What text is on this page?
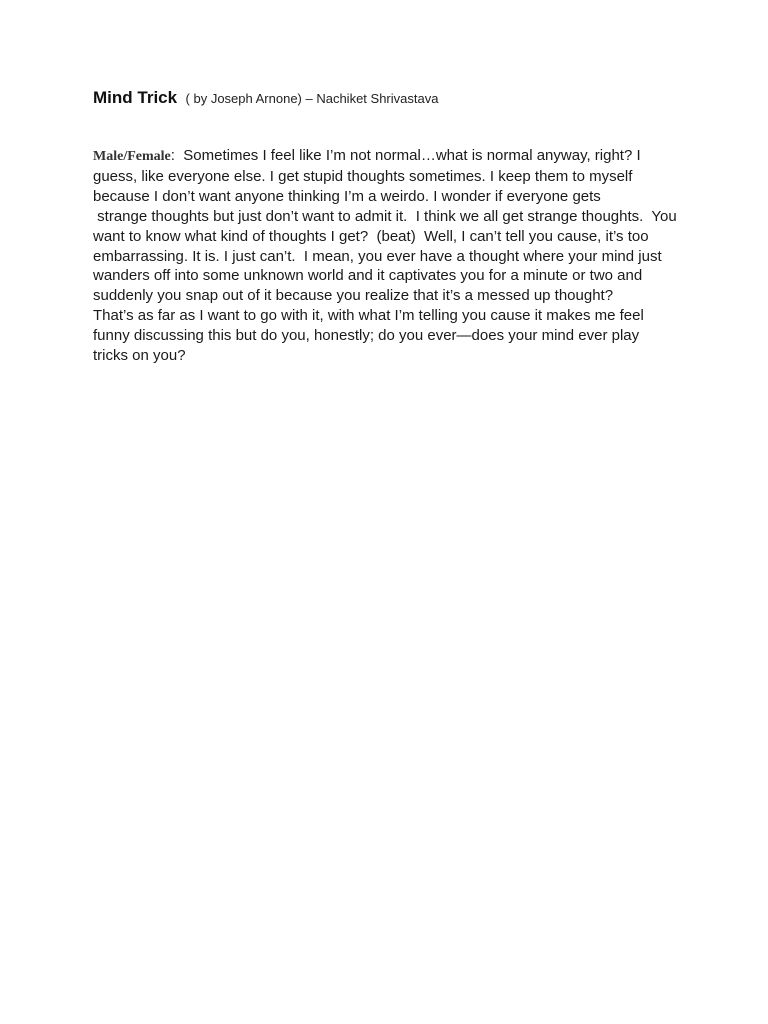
Mind Trick ( by Joseph Arnone) – Nachiket Shrivastava

Male/Female: Sometimes I feel like I’m not normal…what is normal anyway, right? I guess, like everyone else. I get stupid thoughts sometimes. I keep them to myself because I don’t want anyone thinking I’m a weirdo. I wonder if everyone gets

strange thoughts but just don’t want to admit it.  I think we all get strange thoughts.  You want to know what kind of thoughts I get?  (beat)  Well, I can’t tell you cause, it’s too embarrassing. It is. I just can’t.  I mean, you ever have a thought where your mind just wanders off into some unknown world and it captivates you for a minute or two and suddenly you snap out of it because you realize that it’s a messed up thought?

That’s as far as I want to go with it, with what I’m telling you cause it makes me feel funny discussing this but do you, honestly; do you ever—does your mind ever play tricks on you?
